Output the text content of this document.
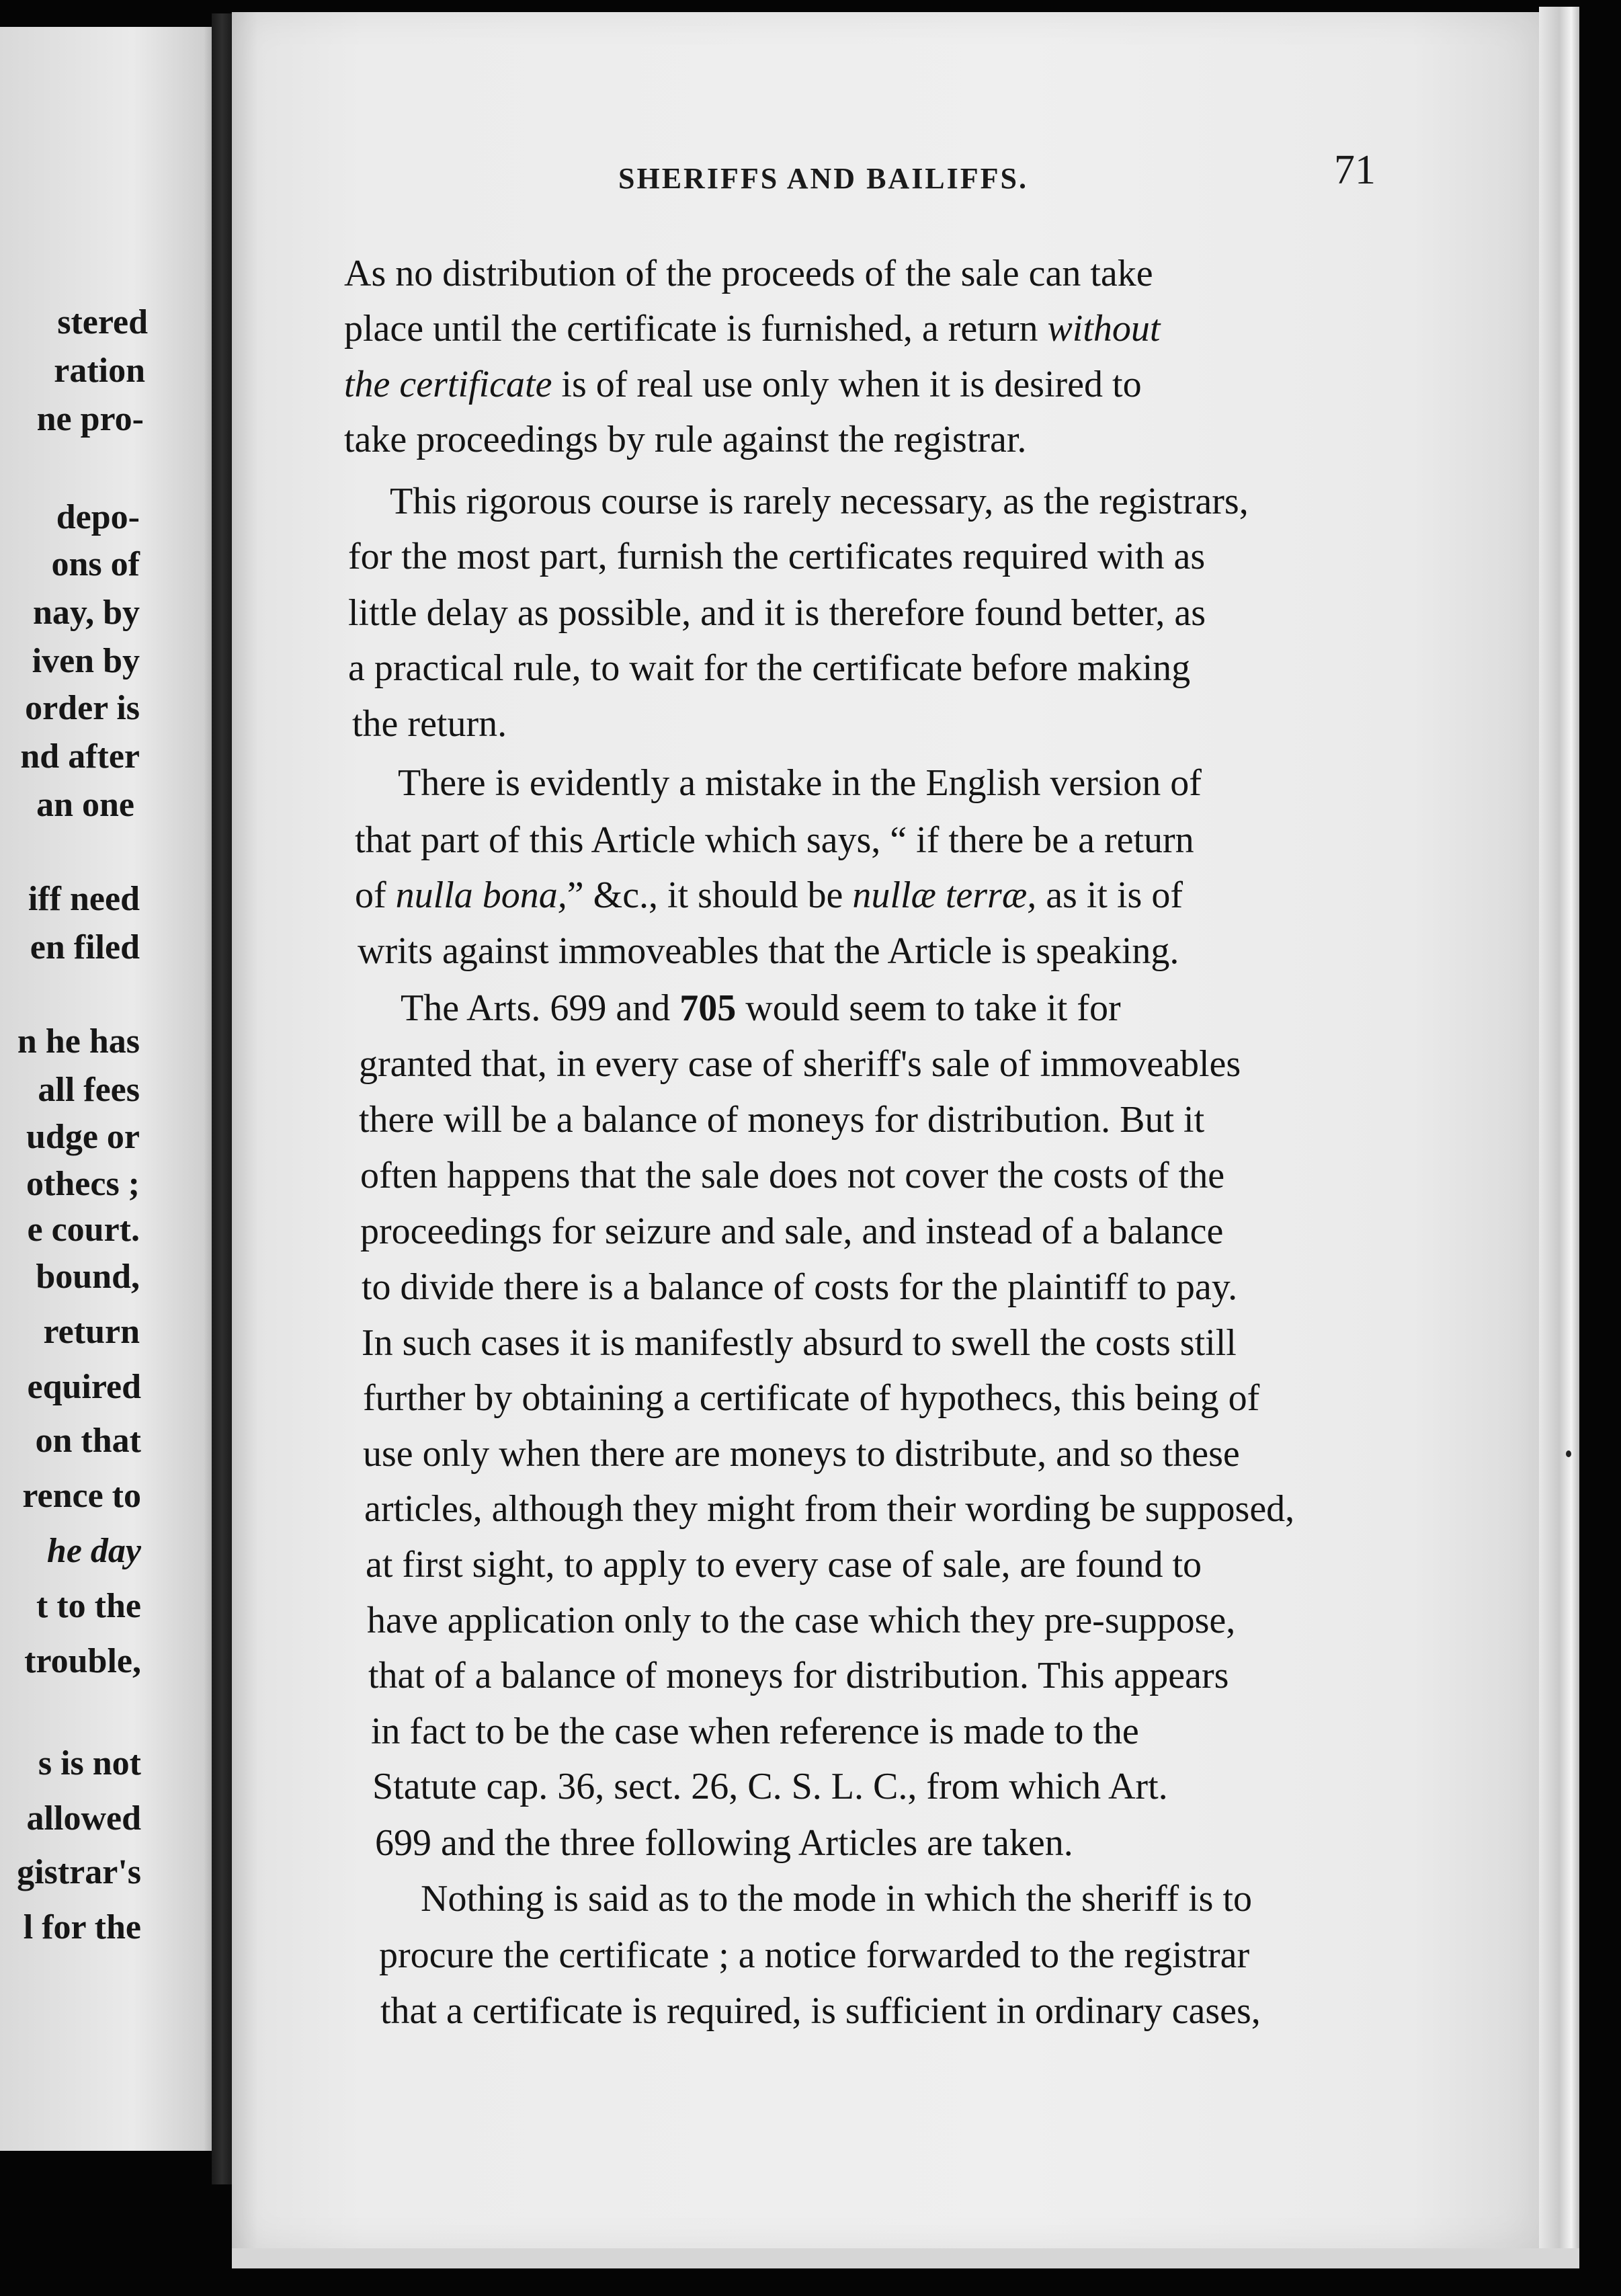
stered
ration
ne pro-
depo-
ons of
nay, by
iven by
order is
nd after
an one
iff need
en filed
n he has
all fees
udge or
othecs ;
e court.
bound,
return
equired
on that
rence to
he day
t to the
trouble,
s is not
allowed
gistrar's
l for the
SHERIFFS AND BAILIFFS.	71
As no distribution of the proceeds of the sale can take
place until the certificate is furnished, a return without
the certificate is of real use only when it is desired to
take proceedings by rule against the registrar.
This rigorous course is rarely necessary, as the registrars,
for the most part, furnish the certificates required with as
little delay as possible, and it is therefore found better, as
a practical rule, to wait for the certificate before making
the return.
There is evidently a mistake in the English version of
that part of this Article which says, “ if there be a return
of nulla bona,” &c., it should be nullæ terræ, as it is of
writs against immoveables that the Article is speaking.
The Arts. 699 and 705 would seem to take it for
granted that, in every case of sheriff's sale of immoveables
there will be a balance of moneys for distribution. But it
often happens that the sale does not cover the costs of the
proceedings for seizure and sale, and instead of a balance
to divide there is a balance of costs for the plaintiff to pay.
In such cases it is manifestly absurd to swell the costs still
further by obtaining a certificate of hypothecs, this being of
use only when there are moneys to distribute, and so these
articles, although they might from their wording be supposed,
at first sight, to apply to every case of sale, are found to
have application only to the case which they pre-suppose,
that of a balance of moneys for distribution. This appears
in fact to be the case when reference is made to the
Statute cap. 36, sect. 26, C. S. L. C., from which Art.
699 and the three following Articles are taken.
Nothing is said as to the mode in which the sheriff is to
procure the certificate ; a notice forwarded to the registrar
that a certificate is required, is sufficient in ordinary cases,
